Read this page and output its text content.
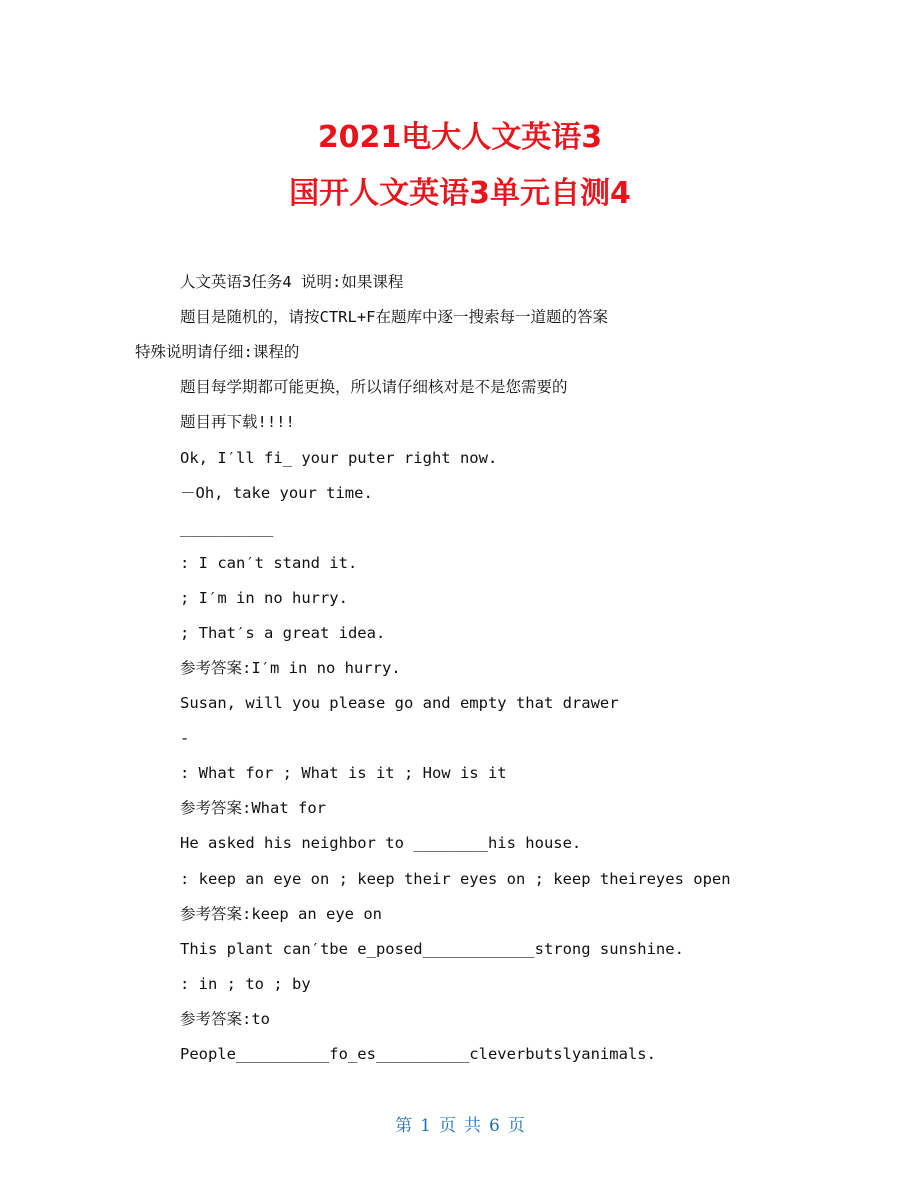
2021电大人文英语3
国开人文英语3单元自测4
人文英语3任务4 说明:如果课程
题目是随机的，请按CTRL+F在题库中逐一搜索每一道题的答案
特殊说明请仔细:课程的
题目每学期都可能更换，所以请仔细核对是不是您需要的
题目再下载!!!!
Ok, I′ll fi_ your puter right now.
－Oh, take your time.
__________
: I can′t stand it.
; I′m in no hurry.
; That′s a great idea.
参考答案:I′m in no hurry.
Susan, will you please go and empty that drawer
-
: What for ; What is it ; How is it
参考答案:What for
He asked his neighbor to ________his house.
: keep an eye on ; keep their eyes on ; keep theireyes open
参考答案:keep an eye on
This plant can′tbe e_posed____________strong sunshine.
: in ; to ; by
参考答案:to
People__________fo_es__________cleverbutslyanimals.
第 1 页 共 6 页
